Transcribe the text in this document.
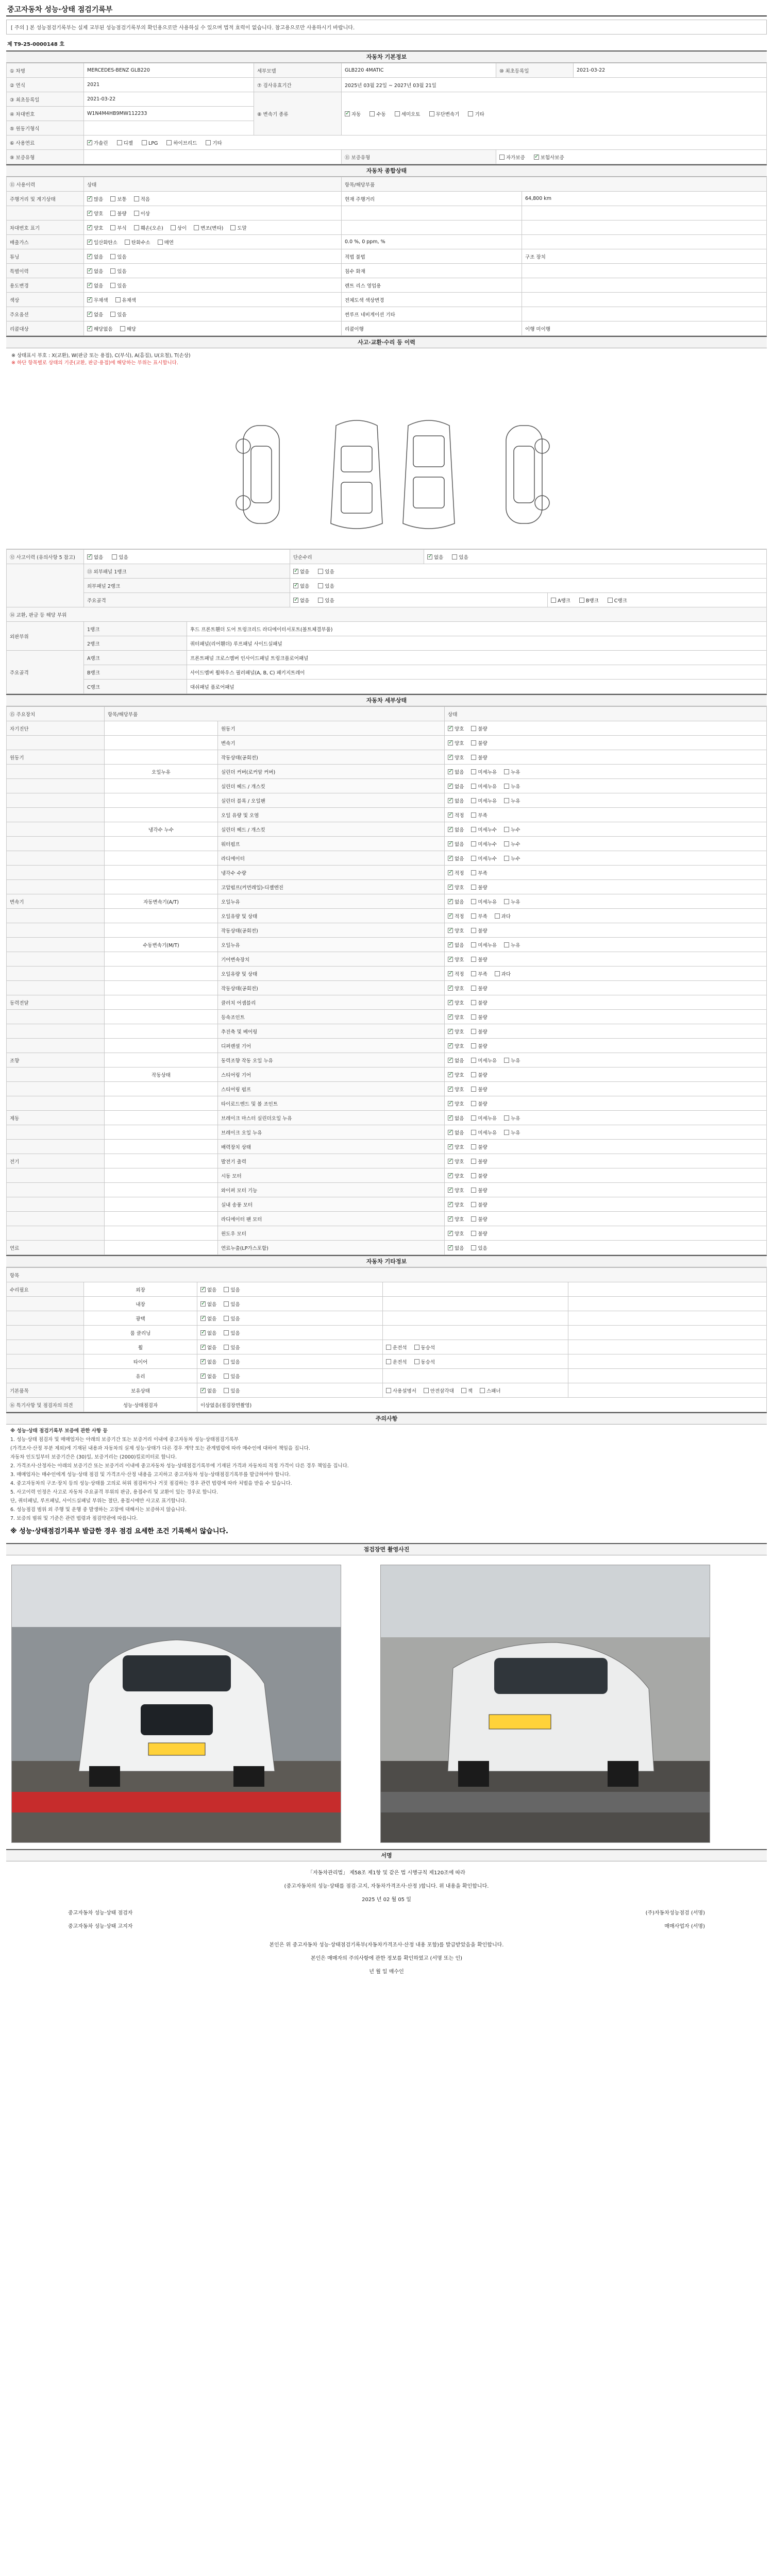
중고자동차 성능·상태 점검기록부
[ 주의 ] 본 성능점검기록부는 실제 교부된 성능점검기록부의 확인용으로만 사용하실 수 있으며 법적 효력이 없습니다. 참고용으로만 사용하시기 바랍니다.
제 T9-25-0000148 호
자동차 기본정보
① 차명	MERCEDES-BENZ GLB220	세부모델	GLB220 4MATIC	⑩ 최초등록일	2021-03-22
② 연식	2021	⑦ 검사유효기간	2025년 03월 22일 ~ 2027년 03월 21일		
③ 최초등록일	2021-03-22	⑧ 변속기 종류	✓자동 수동 세미오토 무단변속기 기타
④ 차대번호	W1N4M4HB9MW112233				
⑤ 원동기형식					
⑥ 사용연료	✓가솔린 디젤 LPG 하이브리드 기타
⑨ 보증유형			⑪ 보증유형	자가보증 ✓ 보험사보증
자동차 종합상태
⑪ 사용이력	상태	항목/해당부품	
주행거리 및 계기상태	✓많음 보통 적음	현재 주행거리	64,800 km
	✓양호 불량 이상		
차대번호 표기	✓양호 부식 훼손(오손) 상이 변조(변타) 도말		
배출가스	✓일산화탄소 탄화수소 매연	0.0 %, 0 ppm, %	
튜닝	✓없음 있음	적법 불법	구조 장치
특별이력	✓없음 있음	침수 화재	
용도변경	✓없음 있음	렌트 리스 영업용	
색상	✓무채색 유채색	전체도색 색상변경	
주요옵션	✓없음 있음	썬루프 네비게이션 기타	
리콜대상	✓해당없음 해당	리콜이행	이행 미이행
사고·교환·수리 등 이력
※ 상태표시 부호 : X(교환), W(판금 또는 용접), C(부식), A(흠집), U(요철), T(손상)
※ 하단 항목별로 상태의 기준(교환, 판금·용접)에 해당하는 부위는 표시합니다.
⑫ 사고이력 (유의사항 5 참고)	✓없음 있음		단순수리	✓없음 있음
	⑬ 외부패널 1랭크	✓없음 있음
	외부패널 2랭크	✓없음 있음
	주요골격	✓없음 있음		A랭크 B랭크 C랭크
⑭ 교환, 판금 등 해당 부위					
외판부위	1랭크	후드 프론트휀더 도어 트렁크리드 라디에이터서포트(볼트체결부품)			
	2랭크	쿼터패널(리어휀더) 루프패널 사이드실패널			
주요골격	A랭크	프론트패널 크로스멤버 인사이드패널 트렁크플로어패널			
	B랭크	사이드멤버 휠하우스 필러패널(A, B, C) 패키지트레이			
	C랭크	대쉬패널 플로어패널			
자동차 세부상태
⑮ 주요장치	항목/해당부품		상태
자기진단		원동기	✓양호 불량
		변속기	✓양호 불량
원동기		작동상태(공회전)	✓양호 불량
	오일누유	실린더 커버(로커암 커버)	✓없음 미세누유 누유
		실린더 헤드 / 개스킷	✓없음 미세누유 누유
		실린더 블록 / 오일팬	✓없음 미세누유 누유
		오일 유량 및 오염	✓적정 부족
	냉각수 누수	실린더 헤드 / 개스킷	✓없음 미세누수 누수
		워터펌프	✓없음 미세누수 누수
		라디에이터	✓없음 미세누수 누수
		냉각수 수량	✓적정 부족
		고압펌프(커먼레일)-디젤엔진	✓양호 불량
변속기	자동변속기(A/T)	오일누유	✓없음 미세누유 누유
		오일유량 및 상태	✓적정 부족 과다
		작동상태(공회전)	✓양호 불량
	수동변속기(M/T)	오일누유	✓없음 미세누유 누유
		기어변속장치	✓양호 불량
		오일유량 및 상태	✓적정 부족 과다
		작동상태(공회전)	✓양호 불량
동력전달		클러치 어셈블리	✓양호 불량
		등속조인트	✓양호 불량
		추진축 및 베어링	✓양호 불량
		디퍼렌셜 기어	✓양호 불량
조향		동력조향 작동 오일 누유	✓없음 미세누유 누유
	작동상태	스티어링 기어	✓양호 불량
		스티어링 펌프	✓양호 불량
		타이로드엔드 및 볼 조인트	✓양호 불량
제동		브레이크 마스터 실린더오일 누유	✓없음 미세누유 누유
		브레이크 오일 누유	✓없음 미세누유 누유
		배력장치 상태	✓양호 불량
전기		발전기 출력	✓양호 불량
		시동 모터	✓양호 불량
		와이퍼 모터 기능	✓양호 불량
		실내 송풍 모터	✓양호 불량
		라디에이터 팬 모터	✓양호 불량
		윈도우 모터	✓양호 불량
연료		연료누출(LP가스포함)	✓없음 있음
자동차 기타정보
항목				
수리필요	외장	✓없음 있음		
	내장	✓없음 있음		
	광택	✓없음 있음		
	룸 클리닝	✓없음 있음		
	휠	✓없음 있음	운전석 동승석	
	타이어	✓없음 있음	운전석 동승석	
	유리	✓없음 있음		
기본품목	보유상태	✓없음 있음	사용설명서 안전삼각대 잭 스패너	
⑯ 특기사항 및 점검자의 의견	성능·상태점검자	이상없음(점검장면촬영)		
주의사항
※ 성능·상태 점검기록부 보증에 관한 사항 등
1. 성능·상태 점검자 및 매매업자는 아래의 보증기간 또는 보증거리 이내에 중고자동차 성능·상태점검기록부
(가격조사·산정 부분 제외)에 기재된 내용과 자동차의 실제 성능·상태가 다른 경우 계약 또는 관계법령에 따라 매수인에 대하여 책임을 집니다.
자동차 인도일부터 보증기간은 (30)일, 보증거리는 (2000)킬로미터로 합니다.
2. 가격조사·산정자는 아래의 보증기간 또는 보증거리 이내에 중고자동차 성능·상태점검기록부에 기재된 가격과 자동차의 적정 가격이 다른 경우 책임을 집니다.
3. 매매업자는 매수인에게 성능·상태 점검 및 가격조사·산정 내용을 고지하고 중고자동차 성능·상태점검기록부를 발급하여야 합니다.
4. 중고자동차의 구조·장치 등의 성능·상태를 고의로 허위 점검하거나 거짓 점검하는 경우 관련 법령에 따라 처벌을 받을 수 있습니다.
5. 사고이력 인정은 사고로 자동차 주요골격 부위의 판금, 용접수리 및 교환이 있는 경우로 합니다.
단, 쿼터패널, 루프패널, 사이드실패널 부위는 절단, 용접시에만 사고로 표기합니다.
6. 성능점검 범위 외 주행 및 운행 중 발생하는 고장에 대해서는 보증하지 않습니다.
7. 보증의 범위 및 기준은 관련 법령과 점검약관에 따릅니다.
※ 성능·상태점검기록부 발급한 경우 점검 요세한 조건 기록해서 않습니다.
점검장면 촬영사진
서명
「자동차관리법」 제58조 제1항 및 같은 법 시행규칙 제120조에 따라
(중고자동차의 성능·상태를 점검·고지, 자동차가격조사·산정 )합니다. 위 내용을 확인합니다.
2025 년 02 월 05 일
중고자동차 성능·상태 점검자	(주)자동차성능점검 (서명)
중고자동차 성능·상태 고지자	매매사업자 (서명)
본인은 위 중고자동차 성능·상태점검기록부(자동차가격조사·산정 내용 포함)를 발급받았음을 확인합니다.
본인은 매매자의 주의사항에 관한 정보를 확인하였고 (서명 또는 인)
년 월 일 매수인
